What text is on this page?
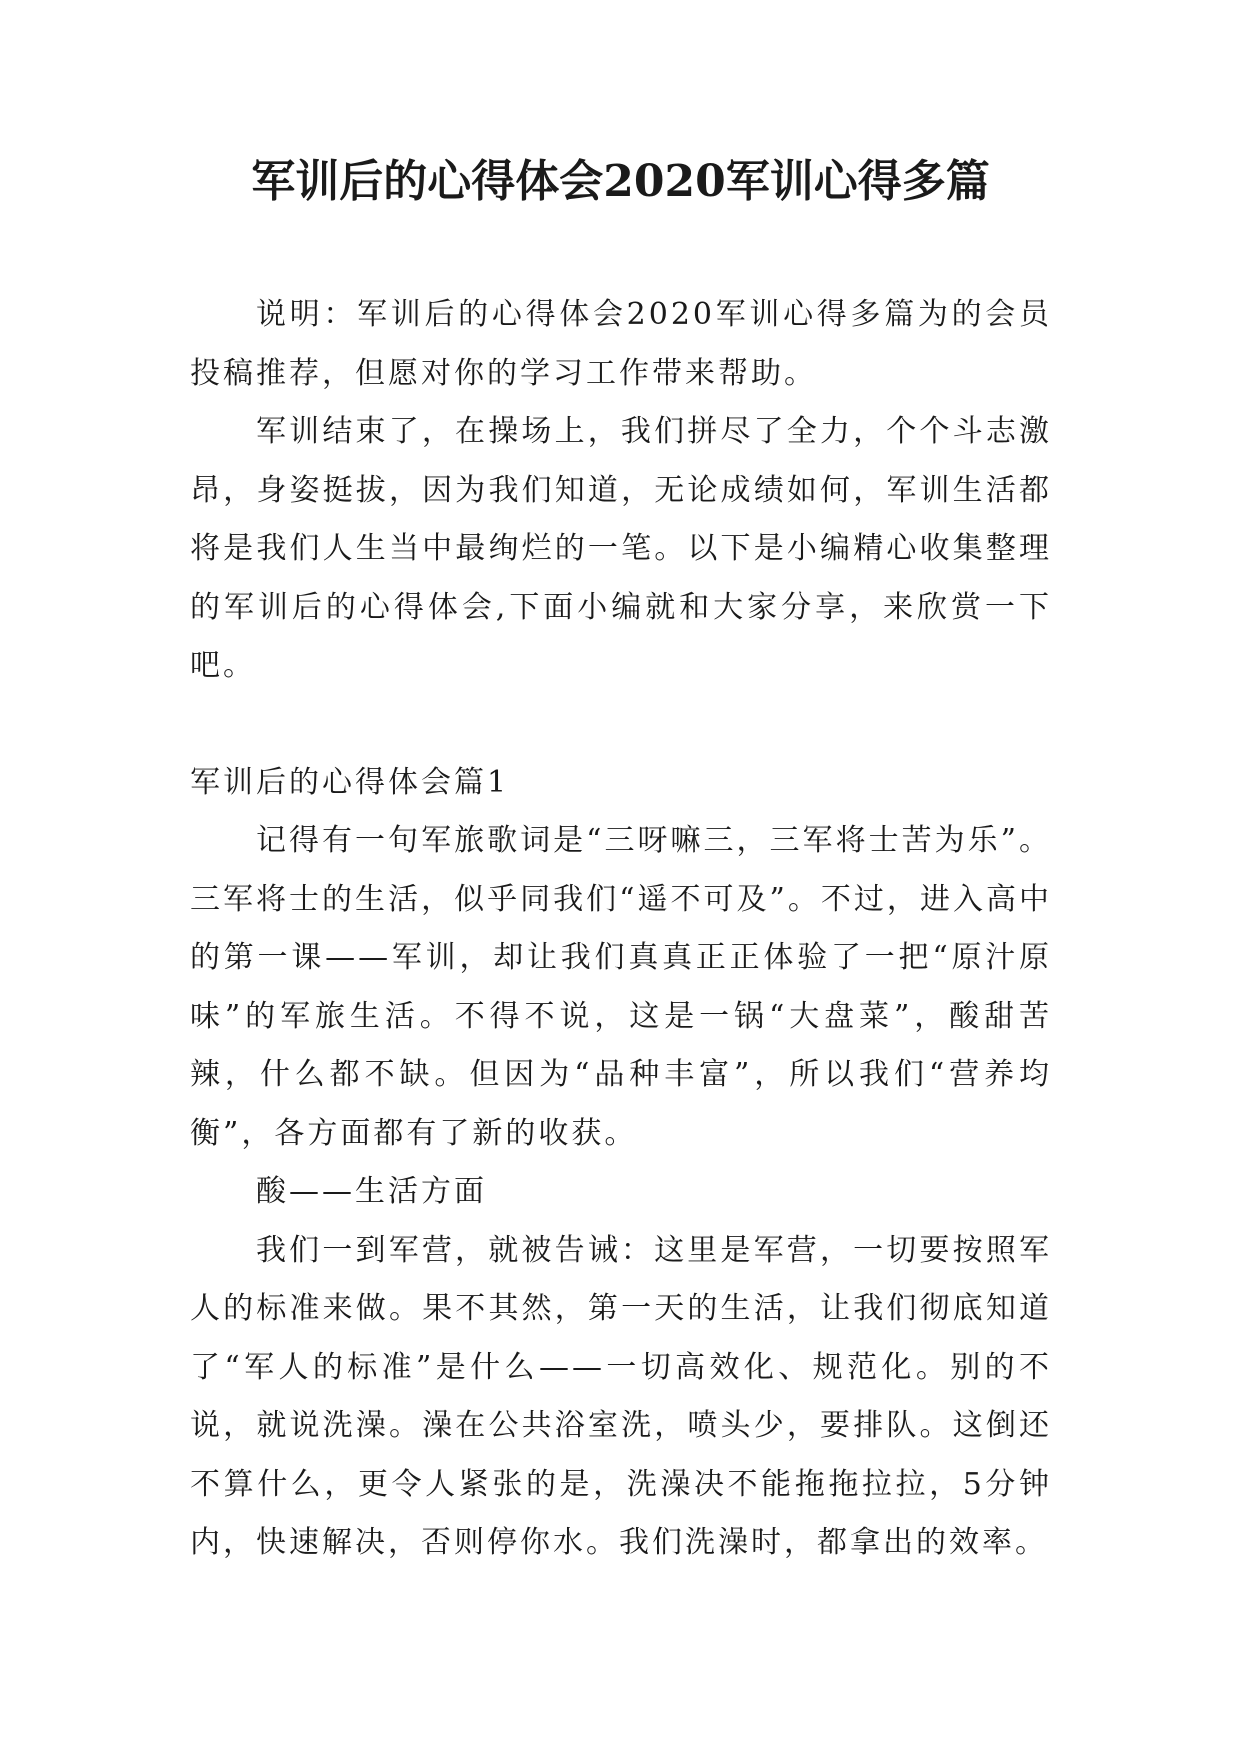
军训后的心得体会2020军训心得多篇

说明：军训后的心得体会2020军训心得多篇为的会员投稿推荐，但愿对你的学习工作带来帮助。

军训结束了，在操场上，我们拼尽了全力，个个斗志激昂，身姿挺拔，因为我们知道，无论成绩如何，军训生活都将是我们人生当中最绚烂的一笔。以下是小编精心收集整理的军训后的心得体会,下面小编就和大家分享，来欣赏一下吧。

军训后的心得体会篇1

记得有一句军旅歌词是“三呀嘛三，三军将士苦为乐”。三军将士的生活，似乎同我们“遥不可及”。不过，进入高中的第一课——军训，却让我们真真正正体验了一把“原汁原味”的军旅生活。不得不说，这是一锅“大盘菜”，酸甜苦辣，什么都不缺。但因为“品种丰富”，所以我们“营养均衡”，各方面都有了新的收获。

酸——生活方面

我们一到军营，就被告诫：这里是军营，一切要按照军人的标准来做。果不其然，第一天的生活，让我们彻底知道了“军人的标准”是什么——一切高效化、规范化。别的不说，就说洗澡。澡在公共浴室洗，喷头少，要排队。这倒还不算什么，更令人紧张的是，洗澡决不能拖拖拉拉，5分钟内，快速解决，否则停你水。我们洗澡时，都拿出的效率。
